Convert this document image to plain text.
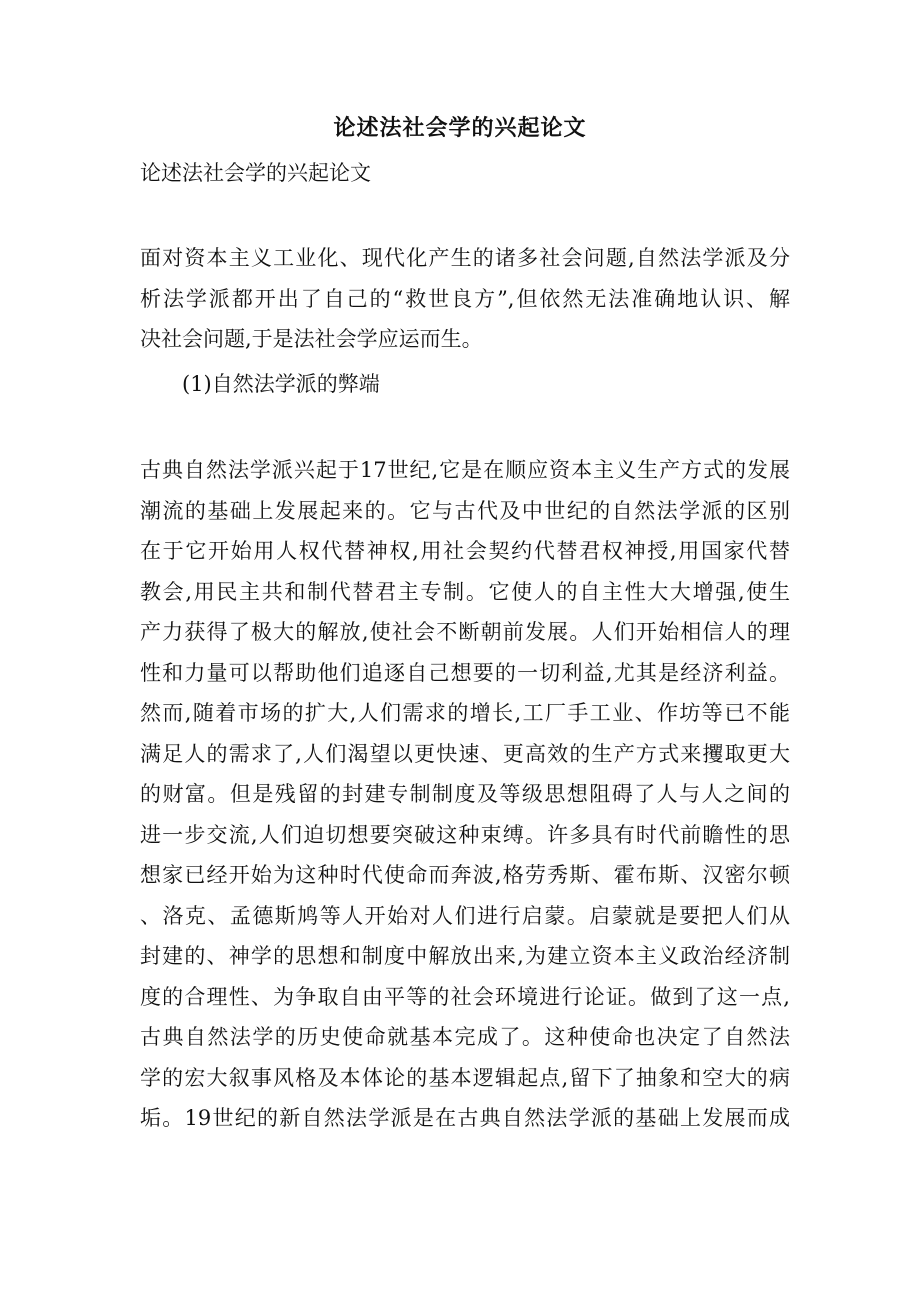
论述法社会学的兴起论文
论述法社会学的兴起论文
面对资本主义工业化、现代化产生的诸多社会问题,自然法学派及分
析法学派都开出了自己的“救世良方”,但依然无法准确地认识、解
决社会问题,于是法社会学应运而生。
(1)自然法学派的弊端
古典自然法学派兴起于17世纪,它是在顺应资本主义生产方式的发展
潮流的基础上发展起来的。它与古代及中世纪的自然法学派的区别
在于它开始用人权代替神权,用社会契约代替君权神授,用国家代替
教会,用民主共和制代替君主专制。它使人的自主性大大增强,使生
产力获得了极大的解放,使社会不断朝前发展。人们开始相信人的理
性和力量可以帮助他们追逐自己想要的一切利益,尤其是经济利益。
然而,随着市场的扩大,人们需求的增长,工厂手工业、作坊等已不能
满足人的需求了,人们渴望以更快速、更高效的生产方式来攫取更大
的财富。但是残留的封建专制制度及等级思想阻碍了人与人之间的
进一步交流,人们迫切想要突破这种束缚。许多具有时代前瞻性的思
想家已经开始为这种时代使命而奔波,格劳秀斯、霍布斯、汉密尔顿
、洛克、孟德斯鸠等人开始对人们进行启蒙。启蒙就是要把人们从
封建的、神学的思想和制度中解放出来,为建立资本主义政治经济制
度的合理性、为争取自由平等的社会环境进行论证。做到了这一点,
古典自然法学的历史使命就基本完成了。这种使命也决定了自然法
学的宏大叙事风格及本体论的基本逻辑起点,留下了抽象和空大的病
垢。19世纪的新自然法学派是在古典自然法学派的基础上发展而成
